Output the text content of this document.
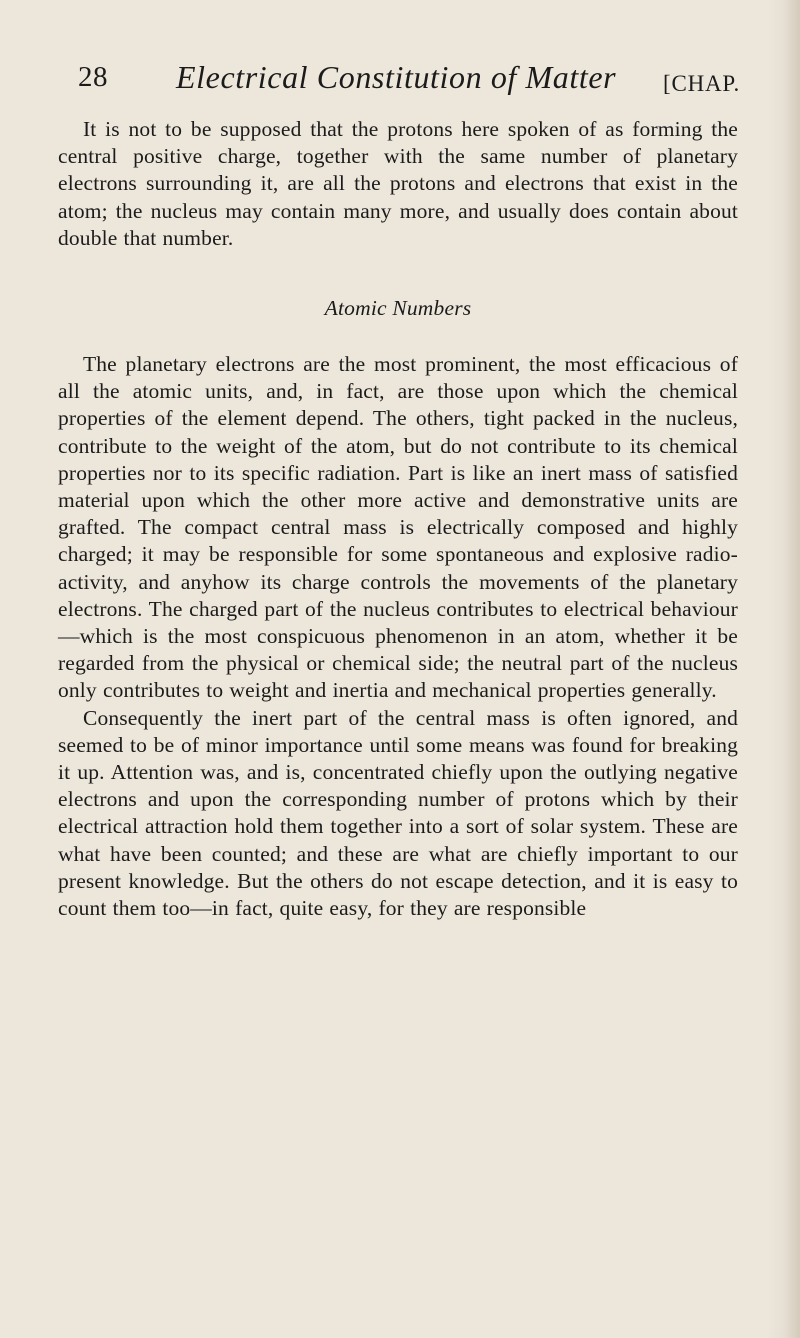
28 Electrical Constitution of Matter [CHAP.

It is not to be supposed that the protons here spoken of as forming the central positive charge, together with the same number of planetary electrons surrounding it, are all the protons and electrons that exist in the atom; the nucleus may contain many more, and usually does contain about double that number.

Atomic Numbers

The planetary electrons are the most prominent, the most efficacious of all the atomic units, and, in fact, are those upon which the chemical properties of the element depend. The others, tight packed in the nucleus, contribute to the weight of the atom, but do not contribute to its chemical properties nor to its specific radiation. Part is like an inert mass of satisfied material upon which the other more active and demonstrative units are grafted. The compact central mass is electrically composed and highly charged; it may be responsible for some spontaneous and explosive radio-activity, and anyhow its charge controls the movements of the planetary electrons. The charged part of the nucleus contributes to electrical behaviour—which is the most conspicuous phenomenon in an atom, whether it be regarded from the physical or chemical side; the neutral part of the nucleus only contributes to weight and inertia and mechanical properties generally.

Consequently the inert part of the central mass is often ignored, and seemed to be of minor importance until some means was found for breaking it up. Attention was, and is, concentrated chiefly upon the outlying negative electrons and upon the corresponding number of protons which by their electrical attraction hold them together into a sort of solar system. These are what have been counted; and these are what are chiefly important to our present knowledge. But the others do not escape detection, and it is easy to count them too—in fact, quite easy, for they are responsible
